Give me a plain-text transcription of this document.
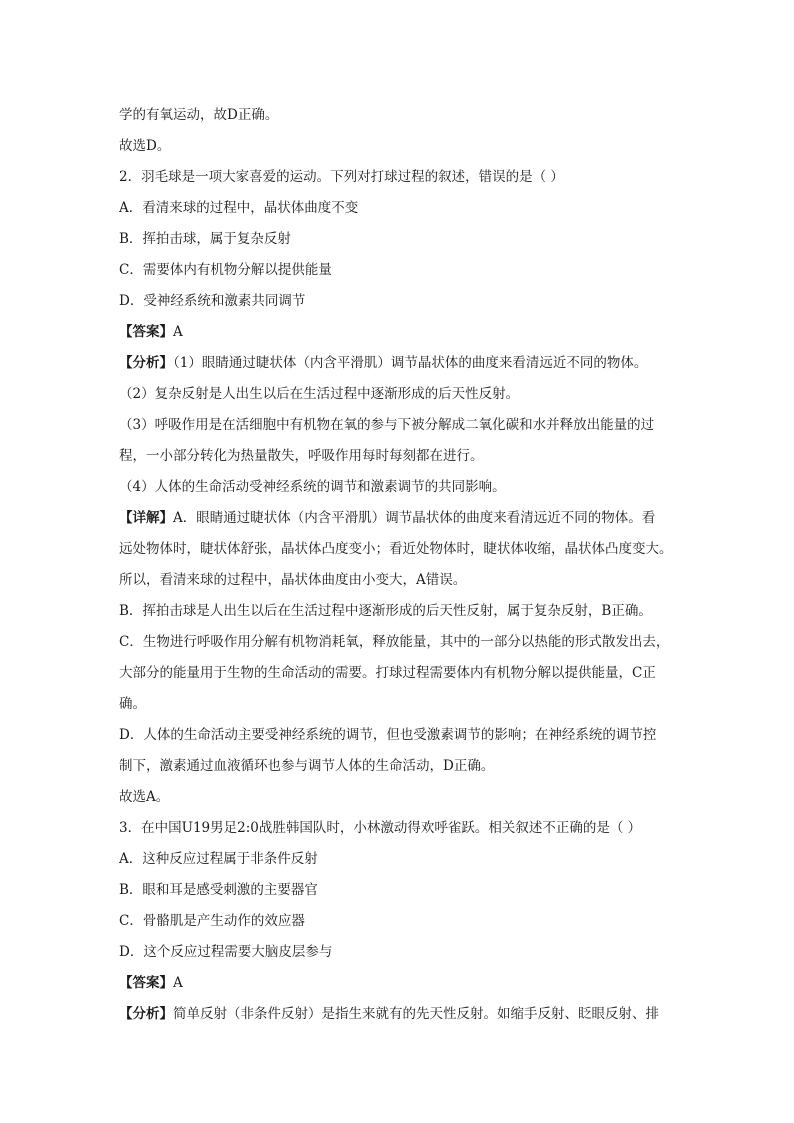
学的有氧运动，故D正确。
故选D。
2．羽毛球是一项大家喜爱的运动。下列对打球过程的叙述，错误的是（ ）
A．看清来球的过程中，晶状体曲度不变
B．挥拍击球，属于复杂反射
C．需要体内有机物分解以提供能量
D．受神经系统和激素共同调节
【答案】A
【分析】（1）眼睛通过睫状体（内含平滑肌）调节晶状体的曲度来看清远近不同的物体。
（2）复杂反射是人出生以后在生活过程中逐渐形成的后天性反射。
（3）呼吸作用是在活细胞中有机物在氧的参与下被分解成二氧化碳和水并释放出能量的过
程，一小部分转化为热量散失，呼吸作用每时每刻都在进行。
（4）人体的生命活动受神经系统的调节和激素调节的共同影响。
【详解】A．眼睛通过睫状体（内含平滑肌）调节晶状体的曲度来看清远近不同的物体。看
远处物体时，睫状体舒张，晶状体凸度变小；看近处物体时，睫状体收缩，晶状体凸度变大。
所以，看清来球的过程中，晶状体曲度由小变大，A错误。
B．挥拍击球是人出生以后在生活过程中逐渐形成的后天性反射，属于复杂反射，B正确。
C．生物进行呼吸作用分解有机物消耗氧，释放能量，其中的一部分以热能的形式散发出去，
大部分的能量用于生物的生命活动的需要。打球过程需要体内有机物分解以提供能量，C正
确。
D．人体的生命活动主要受神经系统的调节，但也受激素调节的影响；在神经系统的调节控
制下，激素通过血液循环也参与调节人体的生命活动，D正确。
故选A。
3．在中国U19男足2:0战胜韩国队时，小林激动得欢呼雀跃。相关叙述不正确的是（ ）
A．这种反应过程属于非条件反射
B．眼和耳是感受刺激的主要器官
C．骨骼肌是产生动作的效应器
D．这个反应过程需要大脑皮层参与
【答案】A
【分析】简单反射（非条件反射）是指生来就有的先天性反射。如缩手反射、眨眼反射、排
